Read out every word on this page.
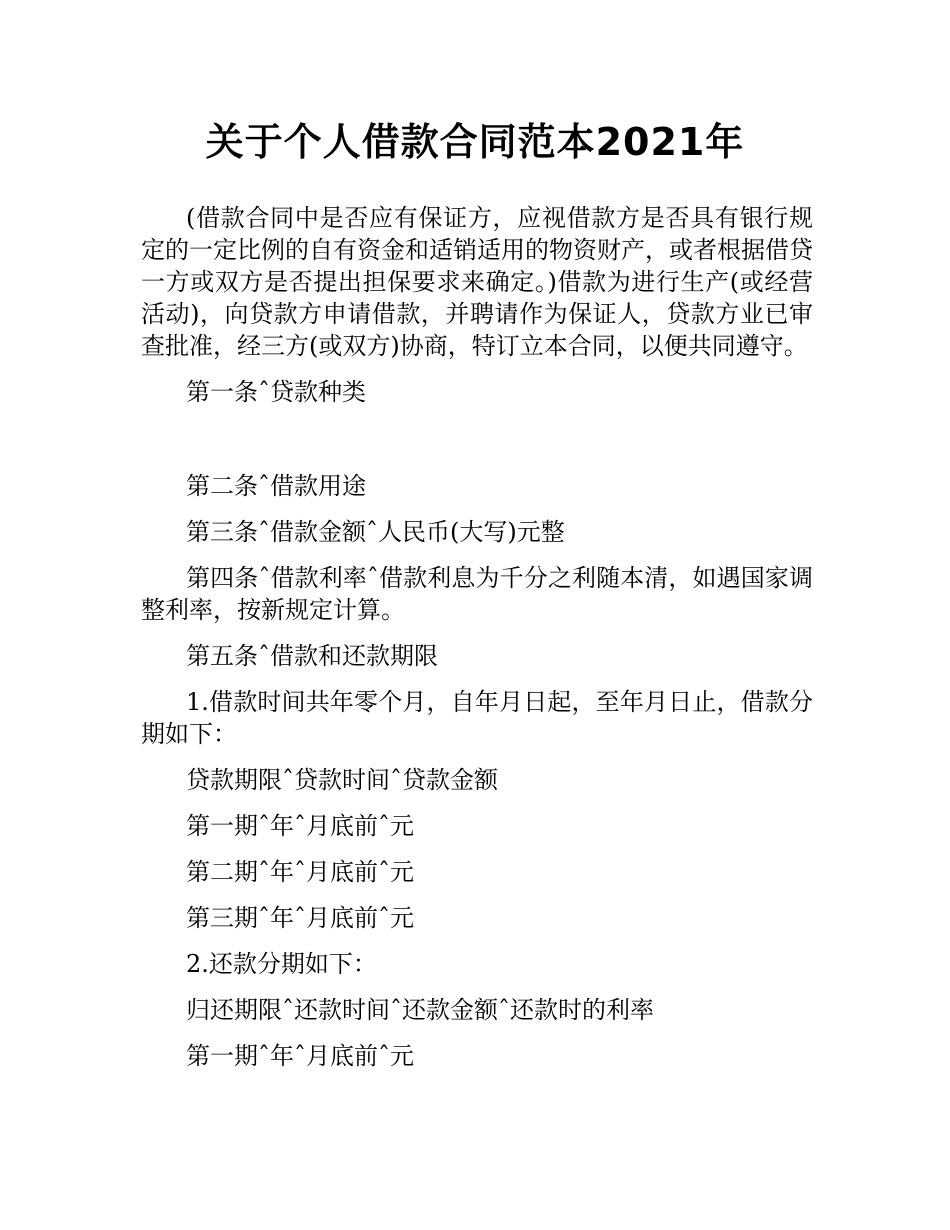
关于个人借款合同范本2021年

(借款合同中是否应有保证方，应视借款方是否具有银行规定的一定比例的自有资金和适销适用的物资财产，或者根据借贷一方或双方是否提出担保要求来确定。)借款为进行生产(或经营活动)，向贷款方申请借款，并聘请作为保证人，贷款方业已审查批准，经三方(或双方)协商，特订立本合同，以便共同遵守。

第一条ˆ贷款种类

第二条ˆ借款用途

第三条ˆ借款金额ˆ人民币(大写)元整

第四条ˆ借款利率ˆ借款利息为千分之利随本清，如遇国家调整利率，按新规定计算。

第五条ˆ借款和还款期限

1.借款时间共年零个月，自年月日起，至年月日止，借款分期如下：

贷款期限ˆ贷款时间ˆ贷款金额

第一期ˆ年ˆ月底前ˆ元

第二期ˆ年ˆ月底前ˆ元

第三期ˆ年ˆ月底前ˆ元

2.还款分期如下：

归还期限ˆ还款时间ˆ还款金额ˆ还款时的利率

第一期ˆ年ˆ月底前ˆ元
